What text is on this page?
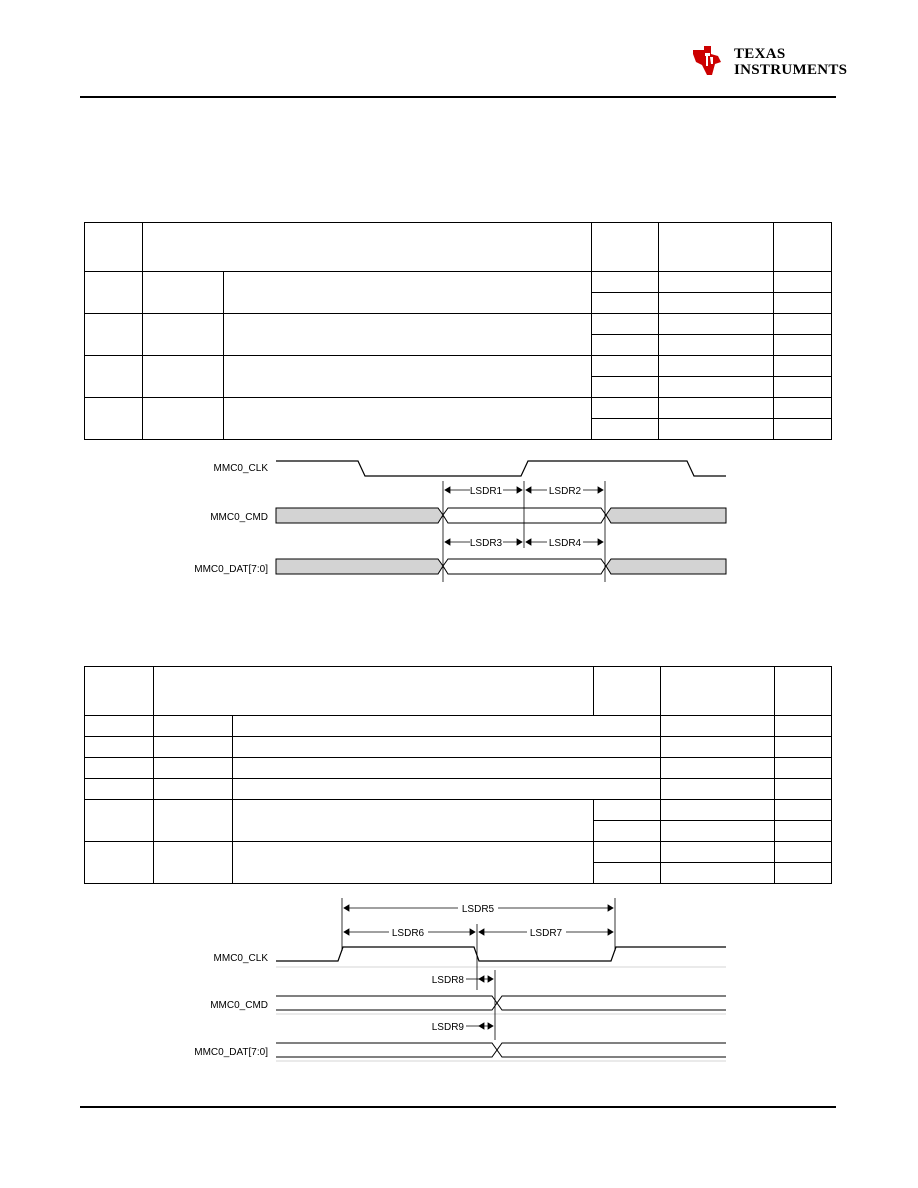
TEXAS
INSTRUMENTS

MMC0_CLK
MMC0_CMD
MMC0_DAT[7:0]
LSDR1	LSDR2
LSDR3	LSDR4

MMC0_CLK
MMC0_CMD
MMC0_DAT[7:0]
LSDR5
LSDR6	LSDR7
LSDR8
LSDR9
